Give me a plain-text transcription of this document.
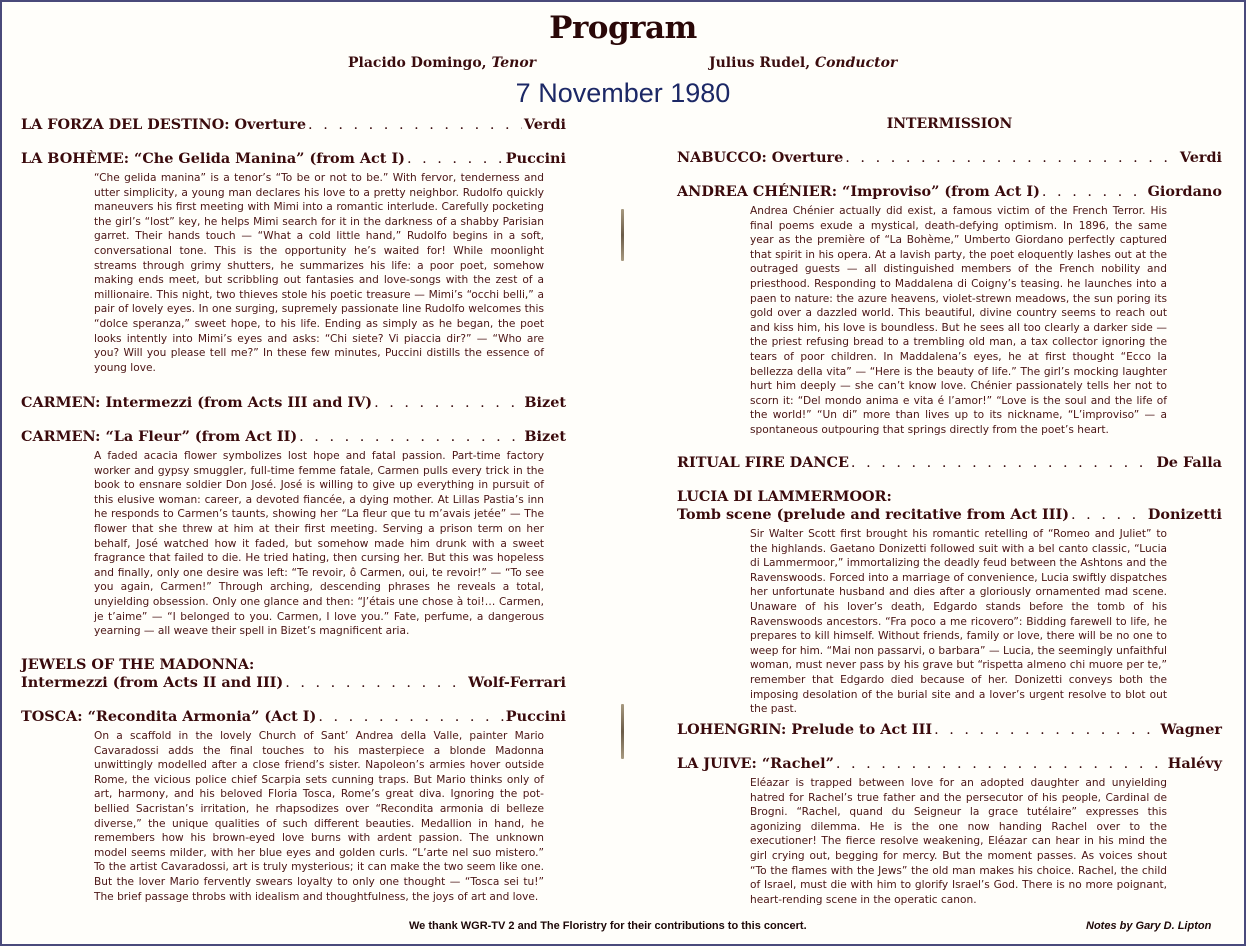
Program
Placido Domingo, Tenor	Julius Rudel, Conductor
7 November 1980
LA FORZA DEL DESTINO: Overture . . .	Verdi
LA BOHÈME: “Che Gelida Manina” (from Act I) . . .	Puccini
“Che gelida manina” is a tenor’s “To be or not to be.” With fervor, tenderness and utter simplicity, a young man declares his love to a pretty neighbor. Rudolfo quickly maneuvers his first meeting with Mimi into a romantic interlude. Carefully pocketing the girl’s “lost” key, he helps Mimi search for it in the darkness of a shabby Parisian garret. Their hands touch — “What a cold little hand,” Rudolfo begins in a soft, conversational tone. This is the opportunity he’s waited for! While moonlight streams through grimy shutters, he summarizes his life: a poor poet, somehow making ends meet, but scribbling out fantasies and love-songs with the zest of a millionaire. This night, two thieves stole his poetic treasure — Mimi’s “occhi belli,” a pair of lovely eyes. In one surging, supremely passionate line Rudolfo welcomes this “dolce speranza,” sweet hope, to his life. Ending as simply as he began, the poet looks intently into Mimi’s eyes and asks: “Chi siete? Vi piaccia dir?” — “Who are you? Will you please tell me?” In these few minutes, Puccini distills the essence of young love.
CARMEN: Intermezzi (from Acts III and IV) . . .	Bizet
CARMEN: “La Fleur” (from Act II) . . .	Bizet
A faded acacia flower symbolizes lost hope and fatal passion. Part-time factory worker and gypsy smuggler, full-time femme fatale, Carmen pulls every trick in the book to ensnare soldier Don José. José is willing to give up everything in pursuit of this elusive woman: career, a devoted fiancée, a dying mother. At Lillas Pastia’s inn he responds to Carmen’s taunts, showing her “La fleur que tu m’avais jetée” — The flower that she threw at him at their first meeting. Serving a prison term on her behalf, José watched how it faded, but somehow made him drunk with a sweet fragrance that failed to die. He tried hating, then cursing her. But this was hopeless and finally, only one desire was left: “Te revoir, ô Carmen, oui, te revoir!” — “To see you again, Carmen!” Through arching, descending phrases he reveals a total, unyielding obsession. Only one glance and then: “J’étais une chose à toi!… Carmen, je t’aime” — “I belonged to you. Carmen, I love you.” Fate, perfume, a dangerous yearning — all weave their spell in Bizet’s magnificent aria.
JEWELS OF THE MADONNA:
Intermezzi (from Acts II and III) . . .	Wolf-Ferrari
TOSCA: “Recondita Armonia” (Act I) . . .	Puccini
On a scaffold in the lovely Church of Sant’ Andrea della Valle, painter Mario Cavaradossi adds the final touches to his masterpiece a blonde Madonna unwittingly modelled after a close friend’s sister. Napoleon’s armies hover outside Rome, the vicious police chief Scarpia sets cunning traps. But Mario thinks only of art, harmony, and his beloved Floria Tosca, Rome’s great diva. Ignoring the pot-bellied Sacristan’s irritation, he rhapsodizes over “Recondita armonia di belleze diverse,” the unique qualities of such different beauties. Medallion in hand, he remembers how his brown-eyed love burns with ardent passion. The unknown model seems milder, with her blue eyes and golden curls. “L’arte nel suo mistero.” To the artist Cavaradossi, art is truly mysterious; it can make the two seem like one. But the lover Mario fervently swears loyalty to only one thought — “Tosca sei tu!” The brief passage throbs with idealism and thoughtfulness, the joys of art and love.
INTERMISSION
NABUCCO: Overture . . .	Verdi
ANDREA CHÉNIER: “Improviso” (from Act I) . . .	Giordano
Andrea Chénier actually did exist, a famous victim of the French Terror. His final poems exude a mystical, death-defying optimism. In 1896, the same year as the première of “La Bohème,” Umberto Giordano perfectly captured that spirit in his opera. At a lavish party, the poet eloquently lashes out at the outraged guests — all distinguished members of the French nobility and priesthood. Responding to Maddalena di Coigny’s teasing. he launches into a paen to nature: the azure heavens, violet-strewn meadows, the sun poring its gold over a dazzled world. This beautiful, divine country seems to reach out and kiss him, his love is boundless. But he sees all too clearly a darker side — the priest refusing bread to a trembling old man, a tax collector ignoring the tears of poor children. In Maddalena’s eyes, he at first thought “Ecco la bellezza della vita” — “Here is the beauty of life.” The girl’s mocking laughter hurt him deeply — she can’t know love. Chénier passionately tells her not to scorn it: “Del mondo anima e vita é l’amor!” “Love is the soul and the life of the world!” “Un di” more than lives up to its nickname, “L’improviso” — a spontaneous outpouring that springs directly from the poet’s heart.
RITUAL FIRE DANCE . . .	De Falla
LUCIA DI LAMMERMOOR:
Tomb scene (prelude and recitative from Act III) . . .	Donizetti
Sir Walter Scott first brought his romantic retelling of “Romeo and Juliet” to the highlands. Gaetano Donizetti followed suit with a bel canto classic, “Lucia di Lammermoor,” immortalizing the deadly feud between the Ashtons and the Ravenswoods. Forced into a marriage of convenience, Lucia swiftly dispatches her unfortunate husband and dies after a gloriously ornamented mad scene. Unaware of his lover’s death, Edgardo stands before the tomb of his Ravenswoods ancestors. “Fra poco a me ricovero”: Bidding farewell to life, he prepares to kill himself. Without friends, family or love, there will be no one to weep for him. “Mai non passarvi, o barbara” — Lucia, the seemingly unfaithful woman, must never pass by his grave but “rispetta almeno chi muore per te,” remember that Edgardo died because of her. Donizetti conveys both the imposing desolation of the burial site and a lover’s urgent resolve to blot out the past.
LOHENGRIN: Prelude to Act III . . .	Wagner
LA JUIVE: “Rachel” . . .	Halévy
Eléazar is trapped between love for an adopted daughter and unyielding hatred for Rachel’s true father and the persecutor of his people, Cardinal de Brogni. “Rachel, quand du Seigneur la grace tutélaire” expresses this agonizing dilemma. He is the one now handing Rachel over to the executioner! The fierce resolve weakening, Eléazar can hear in his mind the girl crying out, begging for mercy. But the moment passes. As voices shout “To the flames with the Jews” the old man makes his choice. Rachel, the child of Israel, must die with him to glorify Israel’s God. There is no more poignant, heart-rending scene in the operatic canon.
We thank WGR-TV 2 and The Floristry for their contributions to this concert.	Notes by Gary D. Lipton
